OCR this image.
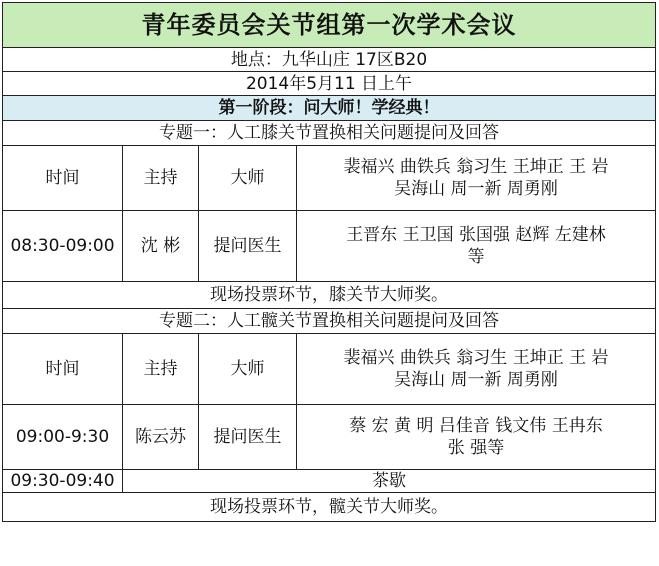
青年委员会关节组第一次学术会议			
地点：九华山庄 17区B20			
2014年5月11 日上午			
第一阶段：问大师！学经典！			
专题一：人工膝关节置换相关问题提问及回答			
时间	主持	大师	裴福兴 曲铁兵 翁习生 王坤正 王 岩
吴海山 周一新 周勇刚

08:30-09:00	沈 彬	提问医生	王晋东 王卫国 张国强 赵辉 左建林
等

现场投票环节，膝关节大师奖。			
专题二：人工髋关节置换相关问题提问及回答			
时间	主持	大师	裴福兴 曲铁兵 翁习生 王坤正 王 岩
吴海山 周一新 周勇刚

09:00-9:30	陈云苏	提问医生	蔡 宏 黄 明 吕佳音 钱文伟 王冉东
张 强等

09:30-09:40	茶歇		
现场投票环节，髋关节大师奖。			
